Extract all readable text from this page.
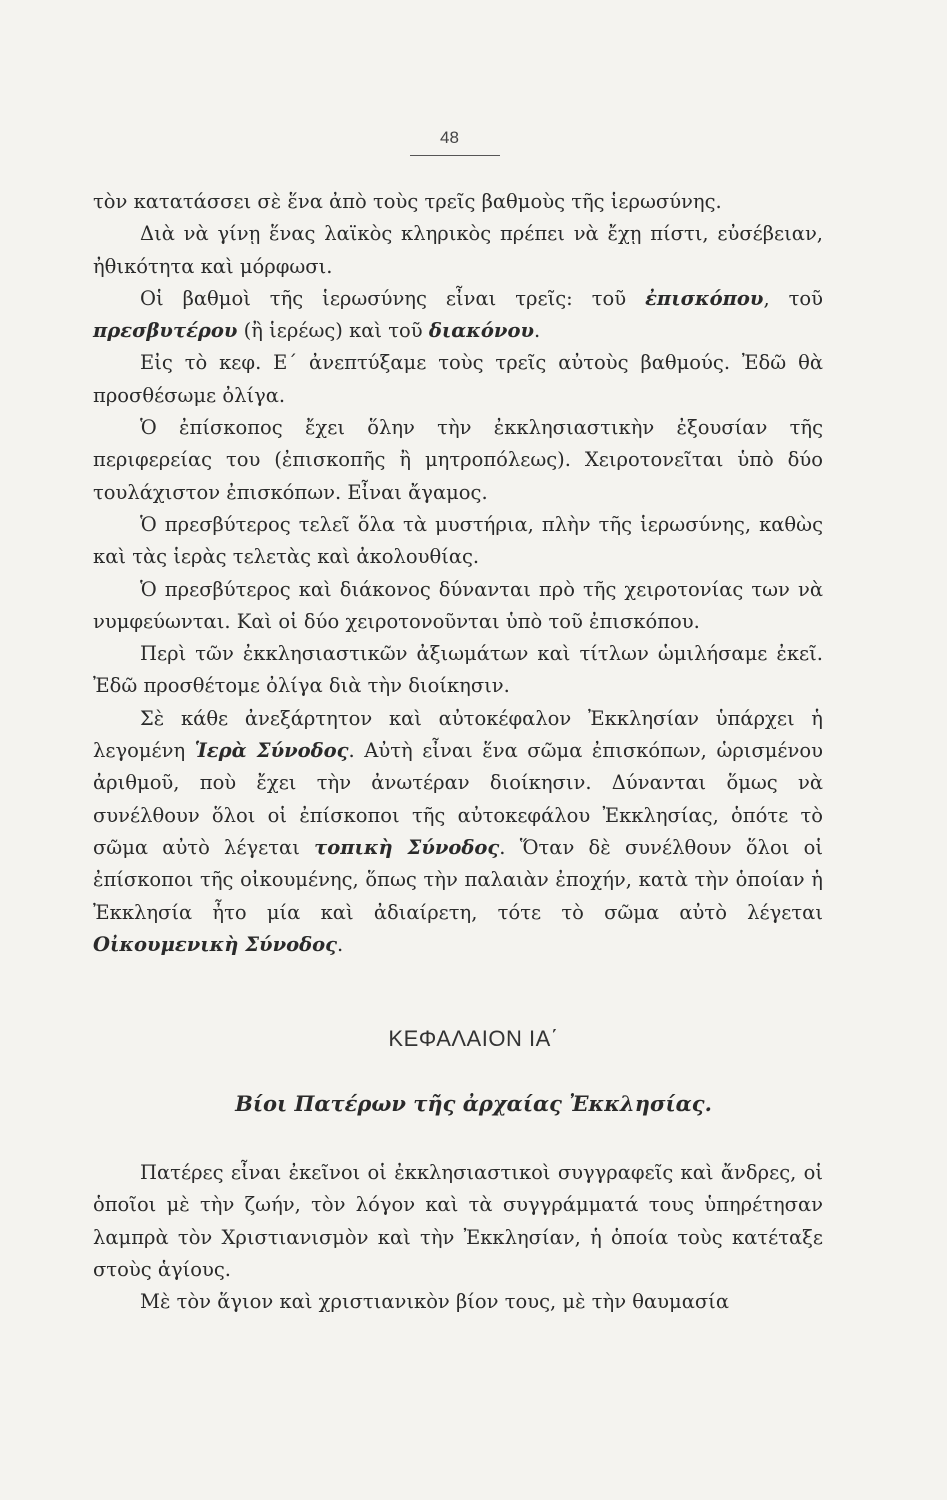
48

τὸν κατατάσσει σὲ ἕνα ἀπὸ τοὺς τρεῖς βαθμοὺς τῆς ἱερωσύνης.

Διὰ νὰ γίνῃ ἕνας λαϊκὸς κληρικὸς πρέπει νὰ ἔχῃ πίστι, εὐσέβειαν, ἠθικότητα καὶ μόρφωσι.

Οἱ βαθμοὶ τῆς ἱερωσύνης εἶναι τρεῖς: τοῦ ἐπισκόπου, τοῦ πρεσβυτέρου (ἢ ἱερέως) καὶ τοῦ διακόνου.

Εἰς τὸ κεφ. Ε΄ ἀνεπτύξαμε τοὺς τρεῖς αὐτοὺς βαθμούς. Ἐδῶ θὰ προσθέσωμε ὀλίγα.

Ὁ ἐπίσκοπος ἔχει ὅλην τὴν ἐκκλησιαστικὴν ἐξουσίαν τῆς περιφερείας του (ἐπισκοπῆς ἢ μητροπόλεως). Χειροτονεῖται ὑπὸ δύο τουλάχιστον ἐπισκόπων. Εἶναι ἄγαμος.

Ὁ πρεσβύτερος τελεῖ ὅλα τὰ μυστήρια, πλὴν τῆς ἱερωσύνης, καθὼς καὶ τὰς ἱερὰς τελετὰς καὶ ἀκολουθίας.

Ὁ πρεσβύτερος καὶ διάκονος δύνανται πρὸ τῆς χειροτονίας των νὰ νυμφεύωνται. Καὶ οἱ δύο χειροτονοῦνται ὑπὸ τοῦ ἐπισκόπου.

Περὶ τῶν ἐκκλησιαστικῶν ἀξιωμάτων καὶ τίτλων ὡμιλήσαμε ἐκεῖ. Ἐδῶ προσθέτομε ὀλίγα διὰ τὴν διοίκησιν.

Σὲ κάθε ἀνεξάρτητον καὶ αὐτοκέφαλον Ἐκκλησίαν ὑπάρχει ἡ λεγομένη Ἱερὰ Σύνοδος. Αὐτὴ εἶναι ἕνα σῶμα ἐπισκόπων, ὡρισμένου ἀριθμοῦ, ποὺ ἔχει τὴν ἀνωτέραν διοίκησιν. Δύνανται ὅμως νὰ συνέλθουν ὅλοι οἱ ἐπίσκοποι τῆς αὐτοκεφάλου Ἐκκλησίας, ὁπότε τὸ σῶμα αὐτὸ λέγεται τοπικὴ Σύνοδος. Ὅταν δὲ συνέλθουν ὅλοι οἱ ἐπίσκοποι τῆς οἰκουμένης, ὅπως τὴν παλαιὰν ἐποχήν, κατὰ τὴν ὁποίαν ἡ Ἐκκλησία ἦτο μία καὶ ἀδιαίρετη, τότε τὸ σῶμα αὐτὸ λέγεται Οἰκουμενικὴ Σύνοδος.

ΚΕΦΑΛΑΙΟΝ ΙΑ΄
Βίοι Πατέρων τῆς ἀρχαίας Ἐκκλησίας.

Πατέρες εἶναι ἐκεῖνοι οἱ ἐκκλησιαστικοὶ συγγραφεῖς καὶ ἄνδρες, οἱ ὁποῖοι μὲ τὴν ζωήν, τὸν λόγον καὶ τὰ συγγράμματά τους ὑπηρέτησαν λαμπρὰ τὸν Χριστιανισμὸν καὶ τὴν Ἐκκλησίαν, ἡ ὁποία τοὺς κατέταξε στοὺς ἁγίους.

Μὲ τὸν ἅγιον καὶ χριστιανικὸν βίον τους, μὲ τὴν θαυμασία
